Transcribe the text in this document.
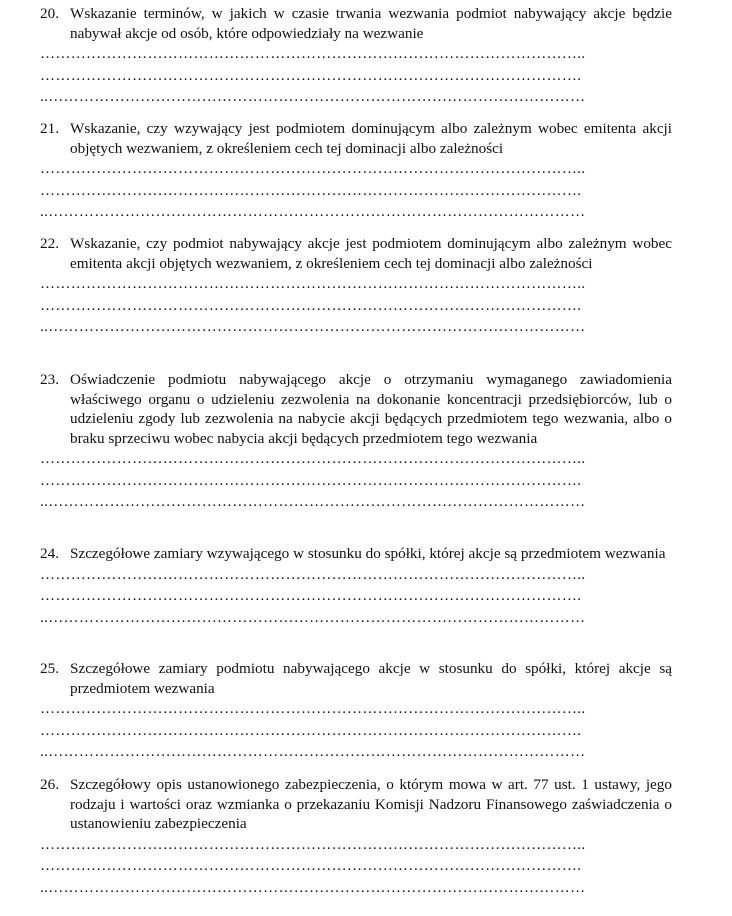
20. Wskazanie terminów, w jakich w czasie trwania wezwania podmiot nabywający akcje będzie nabywał akcje od osób, które odpowiedziały na wezwanie
……………………………………………………………………………………………..
…………………………………………………………………………………………….
..……………………………………………………………………………………………
21. Wskazanie, czy wzywający jest podmiotem dominującym albo zależnym wobec emitenta akcji objętych wezwaniem, z określeniem cech tej dominacji albo zależności
……………………………………………………………………………………………..
…………………………………………………………………………………………….
..……………………………………………………………………………………………
22. Wskazanie, czy podmiot nabywający akcje jest podmiotem dominującym albo zależnym wobec emitenta akcji objętych wezwaniem, z określeniem cech tej dominacji albo zależności
……………………………………………………………………………………………..
…………………………………………………………………………………………….
..……………………………………………………………………………………………
23. Oświadczenie podmiotu nabywającego akcje o otrzymaniu wymaganego zawiadomienia właściwego organu o udzieleniu zezwolenia na dokonanie koncentracji przedsiębiorców, lub o udzieleniu zgody lub zezwolenia na nabycie akcji będących przedmiotem tego wezwania, albo o braku sprzeciwu wobec nabycia akcji będących przedmiotem tego wezwania
……………………………………………………………………………………………..
…………………………………………………………………………………………….
..……………………………………………………………………………………………
24. Szczegółowe zamiary wzywającego w stosunku do spółki, której akcje są przedmiotem wezwania
……………………………………………………………………………………………..
…………………………………………………………………………………………….
..……………………………………………………………………………………………
25. Szczegółowe zamiary podmiotu nabywającego akcje w stosunku do spółki, której akcje są przedmiotem wezwania
……………………………………………………………………………………………..
…………………………………………………………………………………………….
..……………………………………………………………………………………………
26. Szczegółowy opis ustanowionego zabezpieczenia, o którym mowa w art. 77 ust. 1 ustawy, jego rodzaju i wartości oraz wzmianka o przekazaniu Komisji Nadzoru Finansowego zaświadczenia o ustanowieniu zabezpieczenia
……………………………………………………………………………………………..
…………………………………………………………………………………………….
..……………………………………………………………………………………………
